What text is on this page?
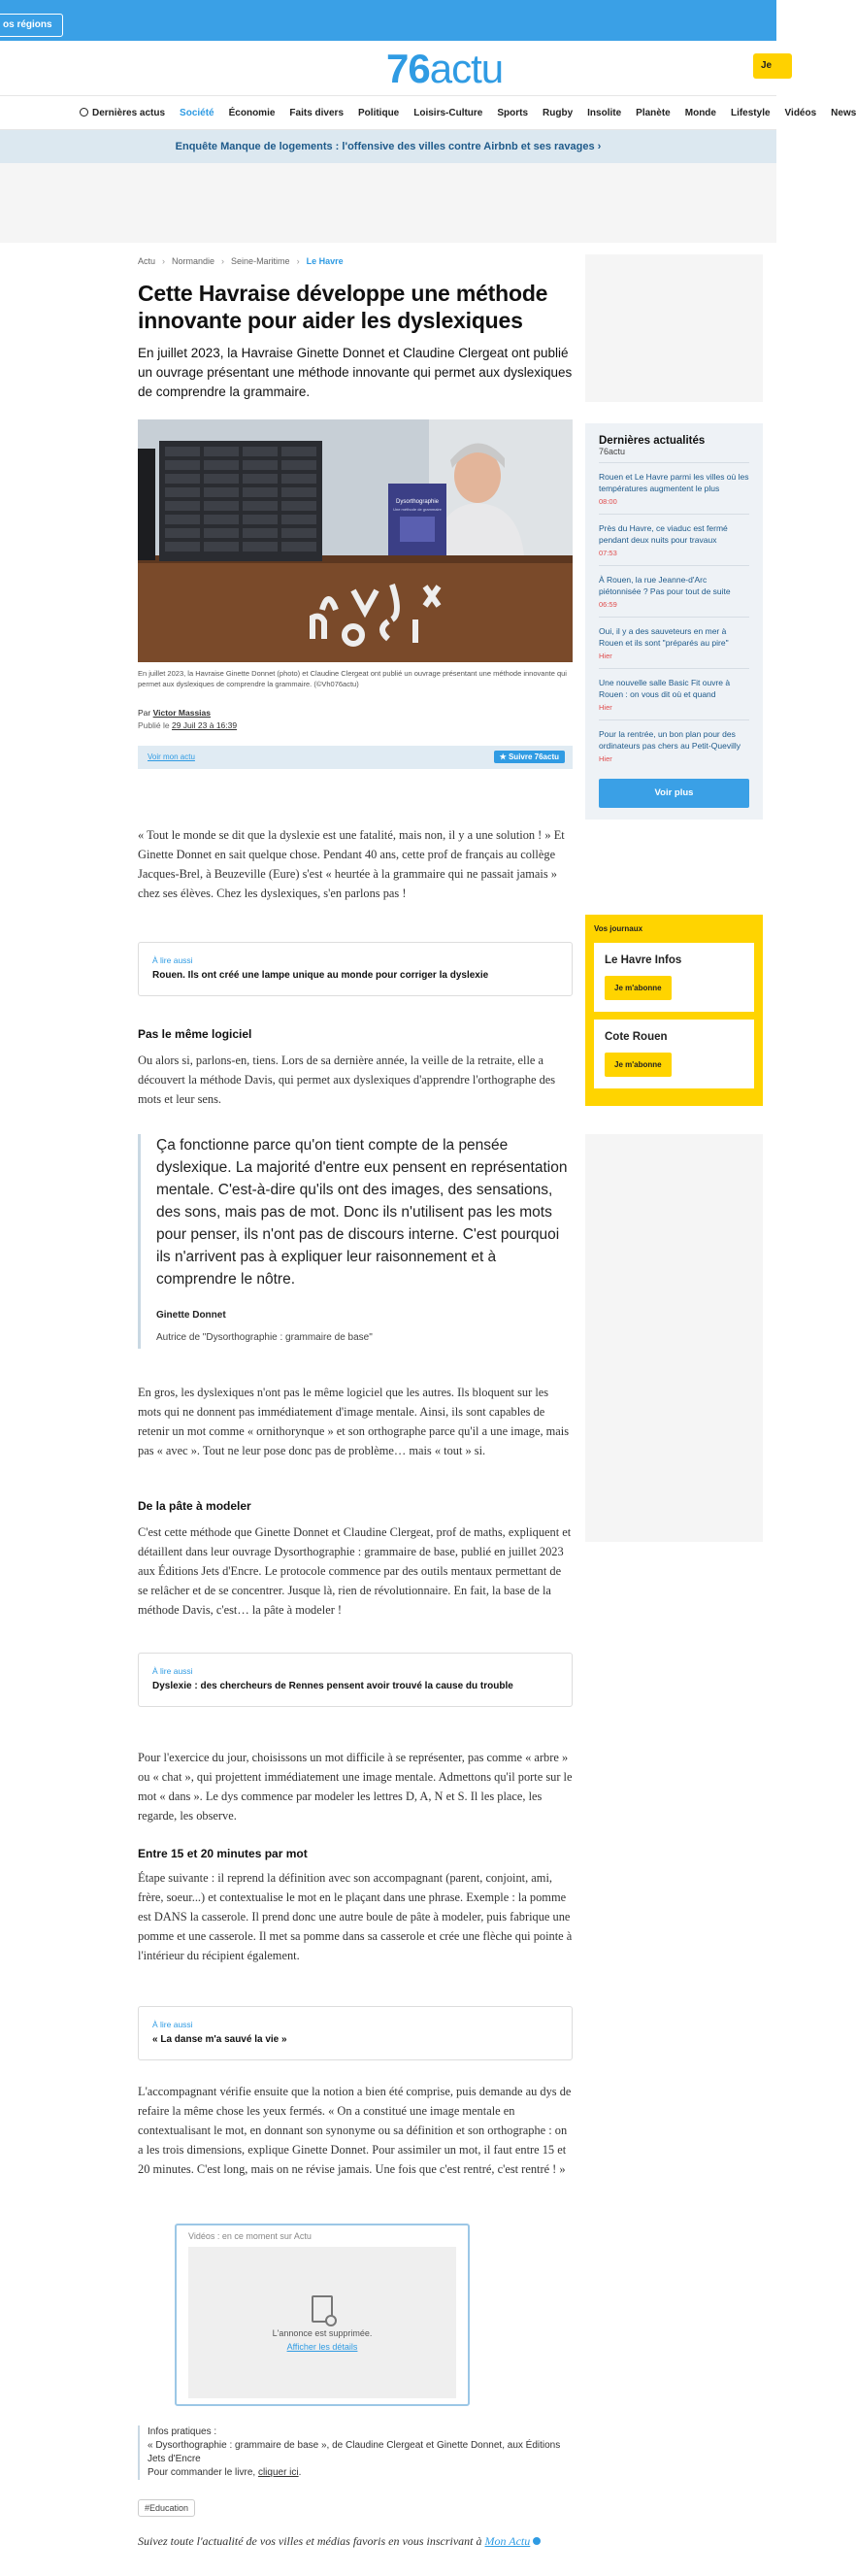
os régions
76actu	Je
Dernières actus Société Économie Faits divers Politique Loisirs-Culture Sports Rugby Insolite Planète Monde Lifestyle Vidéos News
Enquête Manque de logements : l'offensive des villes contre Airbnb et ses ravages ›
Actu › Normandie › Seine-Maritime › Le Havre
Cette Havraise développe une méthode innovante pour aider les dyslexiques
En juillet 2023, la Havraise Ginette Donnet et Claudine Clergeat ont publié un ouvrage présentant une méthode innovante qui permet aux dyslexiques de comprendre la grammaire.
Dysorthographie
Une méthode de grammaire
En juillet 2023, la Havraise Ginette Donnet (photo) et Claudine Clergeat ont publié un ouvrage présentant une méthode innovante qui permet aux dyslexiques de comprendre la grammaire. (©Vh076actu)
Par Victor Massias
Publié le 29 Juil 23 à 16:39
Voir mon actu	★ Suivre 76actu

« Tout le monde se dit que la dyslexie est une fatalité, mais non, il y a une solution ! » Et Ginette Donnet en sait quelque chose. Pendant 40 ans, cette prof de français au collège Jacques-Brel, à Beuzeville (Eure) s'est « heurtée à la grammaire qui ne passait jamais » chez ses élèves. Chez les dyslexiques, s'en parlons pas !

À lire aussi
Rouen. Ils ont créé une lampe unique au monde pour corriger la dyslexie
Pas le même logiciel

Ou alors si, parlons-en, tiens. Lors de sa dernière année, la veille de la retraite, elle a découvert la méthode Davis, qui permet aux dyslexiques d'apprendre l'orthographe des mots et leur sens.

Ça fonctionne parce qu'on tient compte de la pensée dyslexique. La majorité d'entre eux pensent en représentation mentale. C'est-à-dire qu'ils ont des images, des sensations, des sons, mais pas de mot. Donc ils n'utilisent pas les mots pour penser, ils n'ont pas de discours interne. C'est pourquoi ils n'arrivent pas à expliquer leur raisonnement et à comprendre le nôtre.
Ginette Donnet
Autrice de "Dysorthographie : grammaire de base"

En gros, les dyslexiques n'ont pas le même logiciel que les autres. Ils bloquent sur les mots qui ne donnent pas immédiatement d'image mentale. Ainsi, ils sont capables de retenir un mot comme « ornithorynque » et son orthographe parce qu'il a une image, mais pas « avec ». Tout ne leur pose donc pas de problème… mais « tout » si.

De la pâte à modeler

C'est cette méthode que Ginette Donnet et Claudine Clergeat, prof de maths, expliquent et détaillent dans leur ouvrage Dysorthographie : grammaire de base, publié en juillet 2023 aux Éditions Jets d'Encre. Le protocole commence par des outils mentaux permettant de se relâcher et de se concentrer. Jusque là, rien de révolutionnaire. En fait, la base de la méthode Davis, c'est… la pâte à modeler !

À lire aussi
Dyslexie : des chercheurs de Rennes pensent avoir trouvé la cause du trouble

Pour l'exercice du jour, choisissons un mot difficile à se représenter, pas comme « arbre » ou « chat », qui projettent immédiatement une image mentale. Admettons qu'il porte sur le mot « dans ». Le dys commence par modeler les lettres D, A, N et S. Il les place, les regarde, les observe.

Entre 15 et 20 minutes par mot

Étape suivante : il reprend la définition avec son accompagnant (parent, conjoint, ami, frère, soeur...) et contextualise le mot en le plaçant dans une phrase. Exemple : la pomme est DANS la casserole. Il prend donc une autre boule de pâte à modeler, puis fabrique une pomme et une casserole. Il met sa pomme dans sa casserole et crée une flèche qui pointe à l'intérieur du récipient également.

À lire aussi
« La danse m'a sauvé la vie »

L'accompagnant vérifie ensuite que la notion a bien été comprise, puis demande au dys de refaire la même chose les yeux fermés. « On a constitué une image mentale en contextualisant le mot, en donnant son synonyme ou sa définition et son orthographe : on a les trois dimensions, explique Ginette Donnet. Pour assimiler un mot, il faut entre 15 et 20 minutes. C'est long, mais on ne révise jamais. Une fois que c'est rentré, c'est rentré ! »

Vidéos : en ce moment sur Actu
L'annonce est supprimée.
Afficher les détails
Infos pratiques :
« Dysorthographie : grammaire de base », de Claudine Clergeat et Ginette Donnet, aux Éditions Jets d'Encre
Pour commander le livre, cliquer ici.
#Education
Suivez toute l'actualité de vos villes et médias favoris en vous inscrivant à Mon Actu
Dernières actualités
76actu
Rouen et Le Havre parmi les villes où les températures augmentent le plus
08:00
Près du Havre, ce viaduc est fermé pendant deux nuits pour travaux
07:53
À Rouen, la rue Jeanne-d'Arc piétonnisée ? Pas pour tout de suite
06:59
Oui, il y a des sauveteurs en mer à Rouen et ils sont "préparés au pire"
Hier
Une nouvelle salle Basic Fit ouvre à Rouen : on vous dit où et quand
Hier
Pour la rentrée, un bon plan pour des ordinateurs pas chers au Petit-Quevilly
Hier
Voir plus
Vos journaux
Le Havre Infos
Je m'abonne
Cote Rouen
Je m'abonne
